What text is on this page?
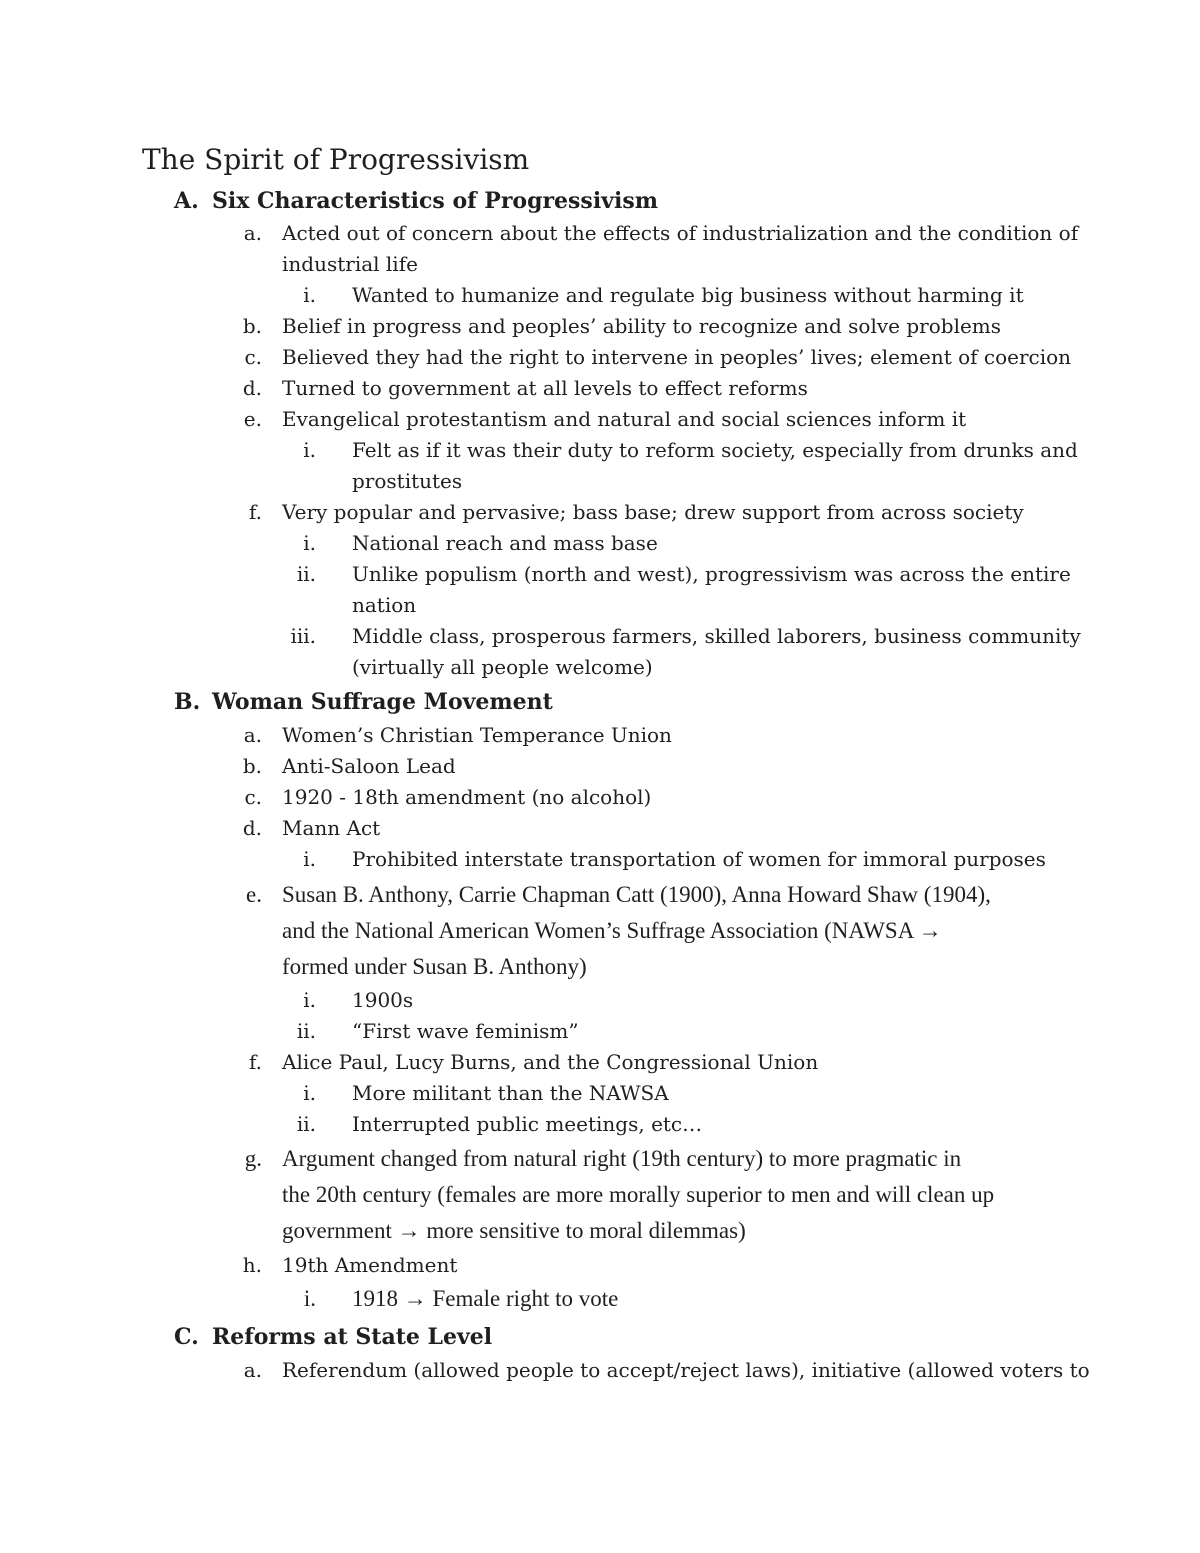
The Spirit of Progressivism
A. Six Characteristics of Progressivism
a. Acted out of concern about the effects of industrialization and the condition of
industrial life
i. Wanted to humanize and regulate big business without harming it
b. Belief in progress and peoples’ ability to recognize and solve problems
c. Believed they had the right to intervene in peoples’ lives; element of coercion
d. Turned to government at all levels to effect reforms
e. Evangelical protestantism and natural and social sciences inform it
i. Felt as if it was their duty to reform society, especially from drunks and
prostitutes
f. Very popular and pervasive; bass base; drew support from across society
i. National reach and mass base
ii. Unlike populism (north and west), progressivism was across the entire
nation
iii. Middle class, prosperous farmers, skilled laborers, business community
(virtually all people welcome)
B. Woman Suffrage Movement
a. Women’s Christian Temperance Union
b. Anti-Saloon Lead
c. 1920 - 18th amendment (no alcohol)
d. Mann Act
i. Prohibited interstate transportation of women for immoral purposes
e. Susan B. Anthony, Carrie Chapman Catt (1900), Anna Howard Shaw (1904),
and the National American Women’s Suffrage Association (NAWSA →
formed under Susan B. Anthony)
i. 1900s
ii. “First wave feminism”
f. Alice Paul, Lucy Burns, and the Congressional Union
i. More militant than the NAWSA
ii. Interrupted public meetings, etc…
g. Argument changed from natural right (19th century) to more pragmatic in
the 20th century (females are more morally superior to men and will clean up
government → more sensitive to moral dilemmas)
h. 19th Amendment
i. 1918 → Female right to vote
C. Reforms at State Level
a. Referendum (allowed people to accept/reject laws), initiative (allowed voters to
